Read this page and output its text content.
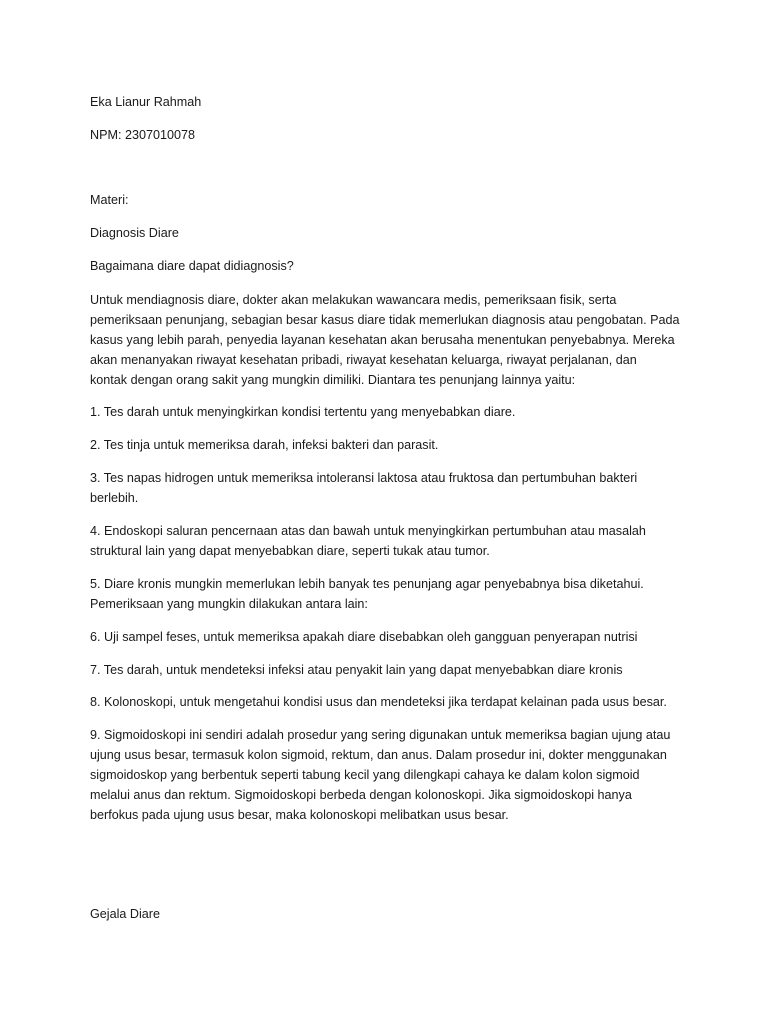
Eka Lianur Rahmah

NPM: 2307010078

Materi:

Diagnosis Diare

Bagaimana diare dapat didiagnosis?

Untuk mendiagnosis diare, dokter akan melakukan wawancara medis, pemeriksaan fisik, serta
pemeriksaan penunjang, sebagian besar kasus diare tidak memerlukan diagnosis atau pengobatan. Pada
kasus yang lebih parah, penyedia layanan kesehatan akan berusaha menentukan penyebabnya. Mereka
akan menanyakan riwayat kesehatan pribadi, riwayat kesehatan keluarga, riwayat perjalanan, dan
kontak dengan orang sakit yang mungkin dimiliki. Diantara tes penunjang lainnya yaitu:
1. Tes darah untuk menyingkirkan kondisi tertentu yang menyebabkan diare.
2. Tes tinja untuk memeriksa darah, infeksi bakteri dan parasit.
3. Tes napas hidrogen untuk memeriksa intoleransi laktosa atau fruktosa dan pertumbuhan bakteri
berlebih.
4. Endoskopi saluran pencernaan atas dan bawah untuk menyingkirkan pertumbuhan atau masalah
struktural lain yang dapat menyebabkan diare, seperti tukak atau tumor.
5. Diare kronis mungkin memerlukan lebih banyak tes penunjang agar penyebabnya bisa diketahui.
Pemeriksaan yang mungkin dilakukan antara lain:
6. Uji sampel feses, untuk memeriksa apakah diare disebabkan oleh gangguan penyerapan nutrisi
7. Tes darah, untuk mendeteksi infeksi atau penyakit lain yang dapat menyebabkan diare kronis
8. Kolonoskopi, untuk mengetahui kondisi usus dan mendeteksi jika terdapat kelainan pada usus besar.
9. Sigmoidoskopi ini sendiri adalah prosedur yang sering digunakan untuk memeriksa bagian ujung atau
ujung usus besar, termasuk kolon sigmoid, rektum, dan anus. Dalam prosedur ini, dokter menggunakan
sigmoidoskop yang berbentuk seperti tabung kecil yang dilengkapi cahaya ke dalam kolon sigmoid
melalui anus dan rektum. Sigmoidoskopi berbeda dengan kolonoskopi. Jika sigmoidoskopi hanya
berfokus pada ujung usus besar, maka kolonoskopi melibatkan usus besar.

Gejala Diare
